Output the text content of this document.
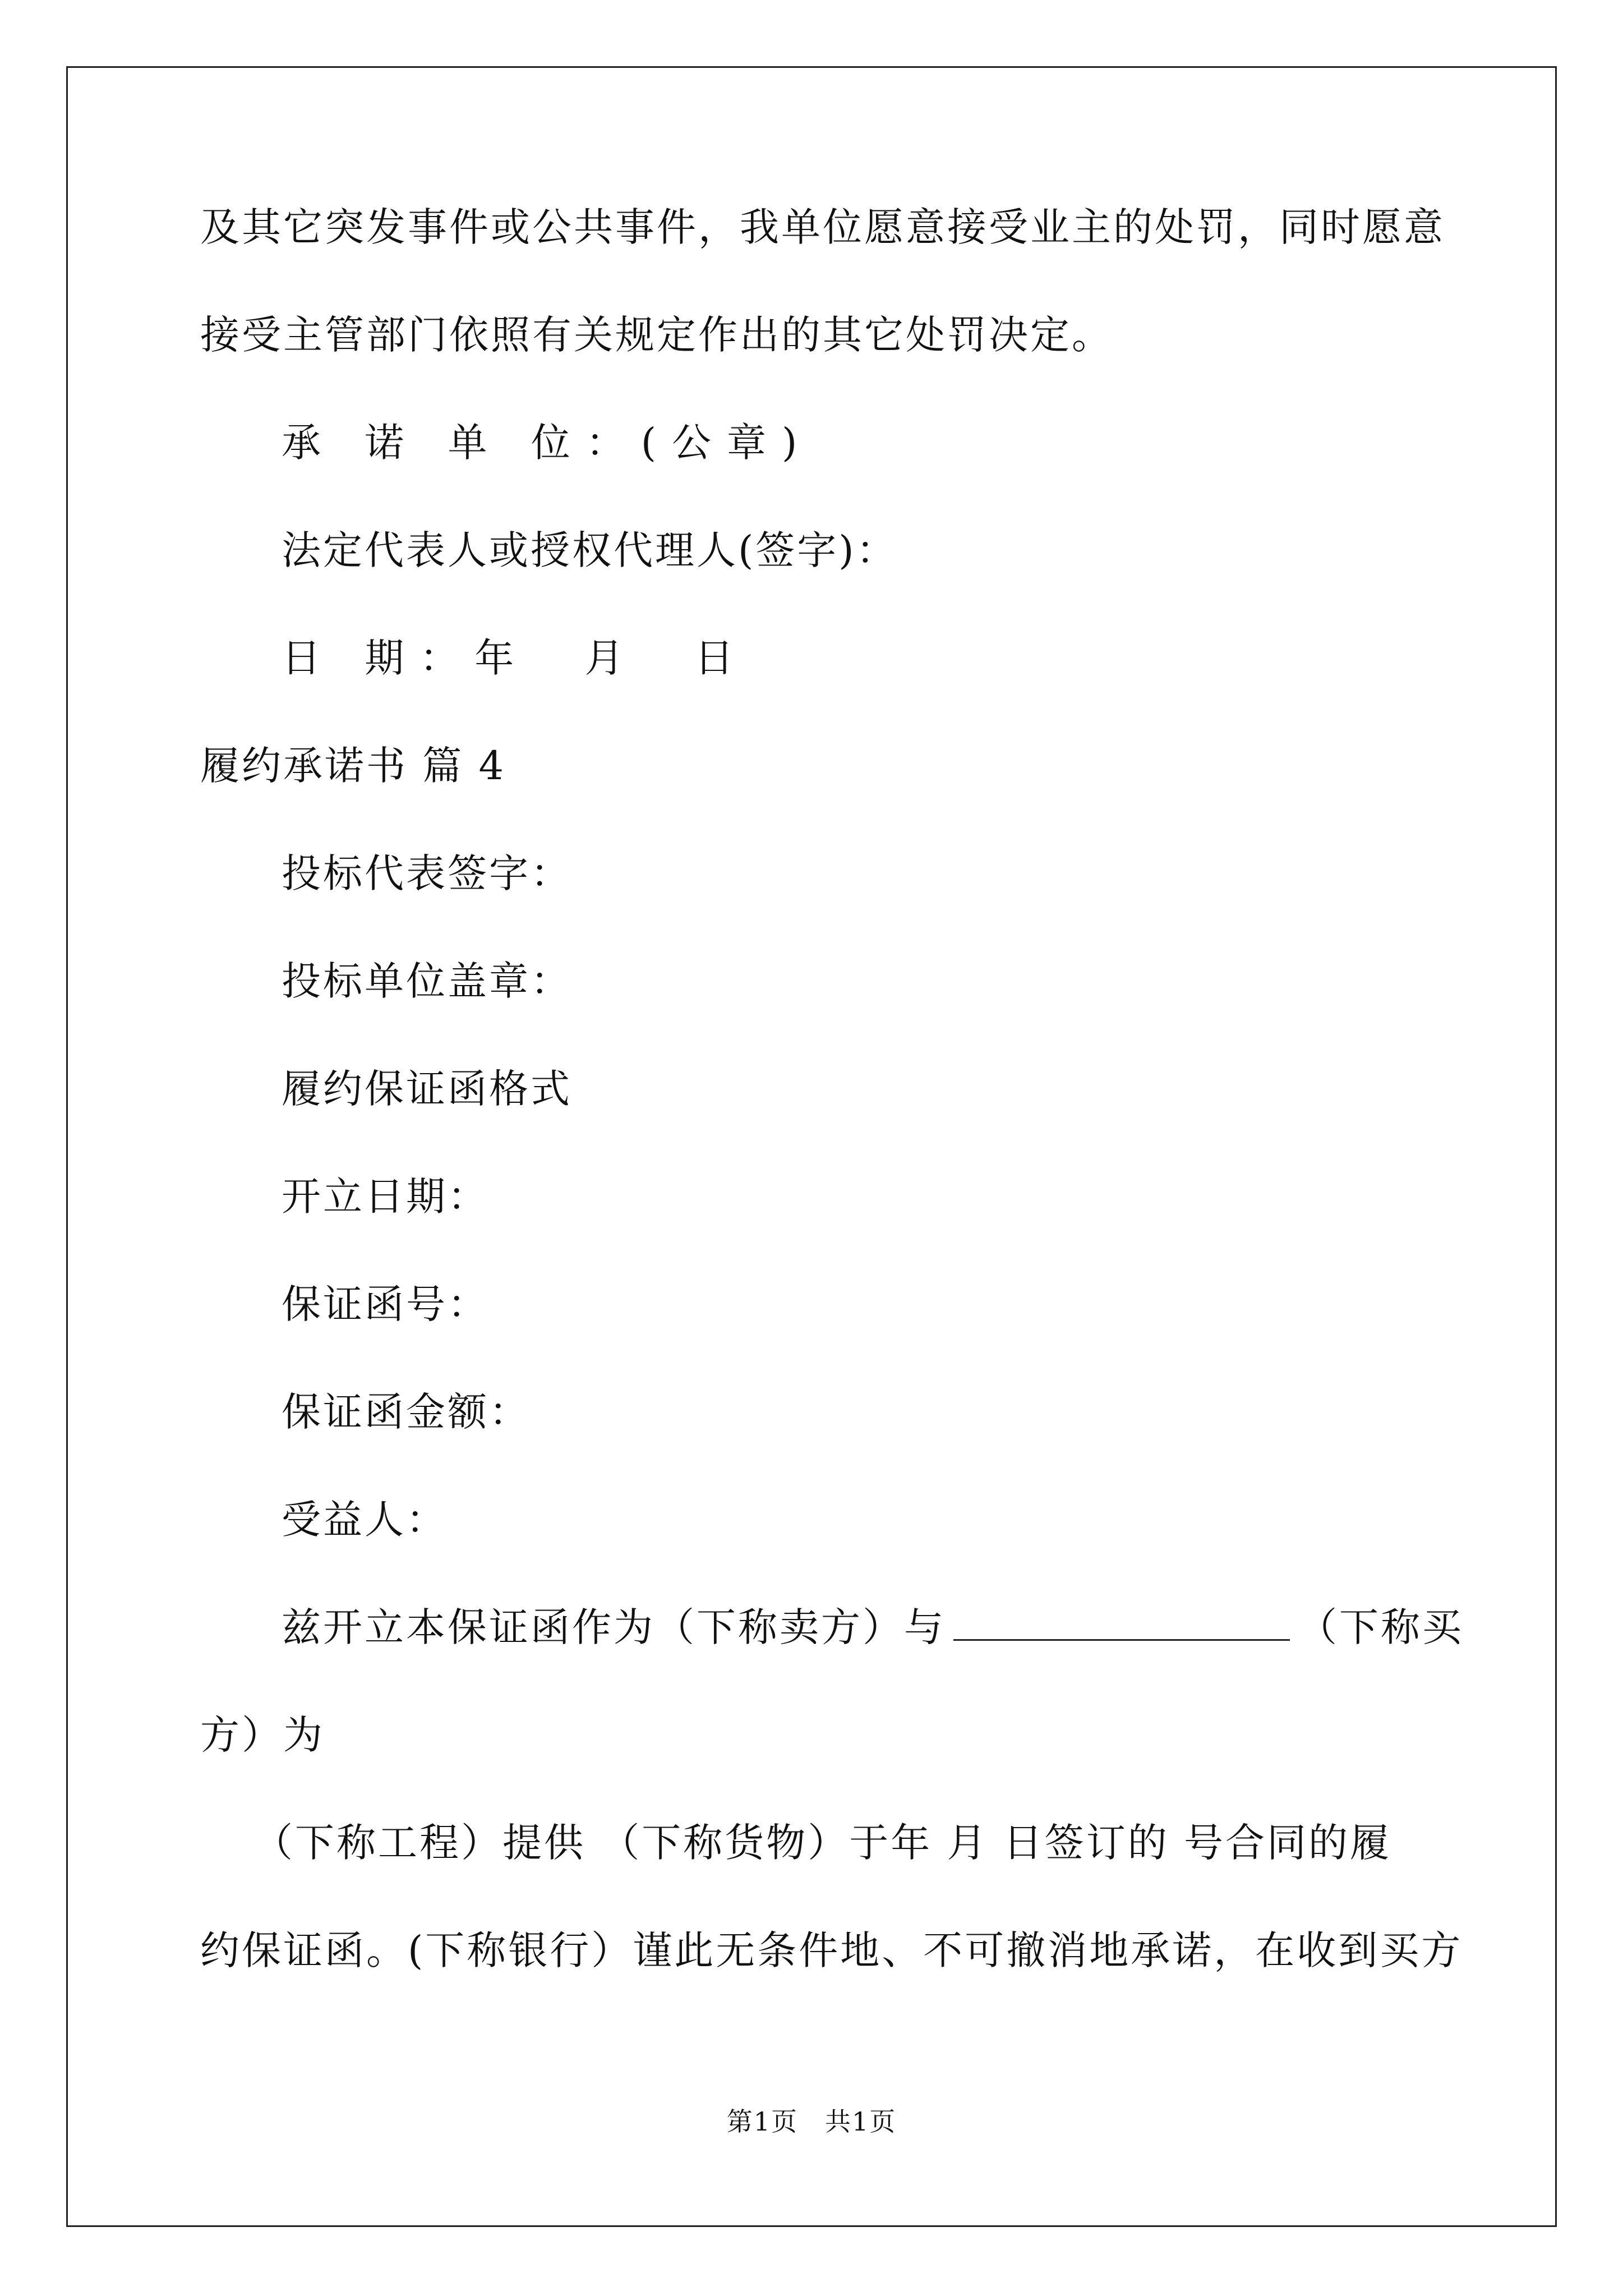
及其它突发事件或公共事件，我单位愿意接受业主的处罚，同时愿意
接受主管部门依照有关规定作出的其它处罚决定。
承 诺 单 位：(公章)
法定代表人或授权代理人(签字)：
日 期：年　月　日
履约承诺书 篇 4
投标代表签字：
投标单位盖章：
履约保证函格式
开立日期：
保证函号：
保证函金额：
受益人：
兹开立本保证函作为（下称卖方）与	（下称买
方）为
（下称工程）提供 （下称货物）于年 月 日签订的 号合同的履
约保证函。(下称银行）谨此无条件地、不可撤消地承诺，在收到买方
第1页　共1页
